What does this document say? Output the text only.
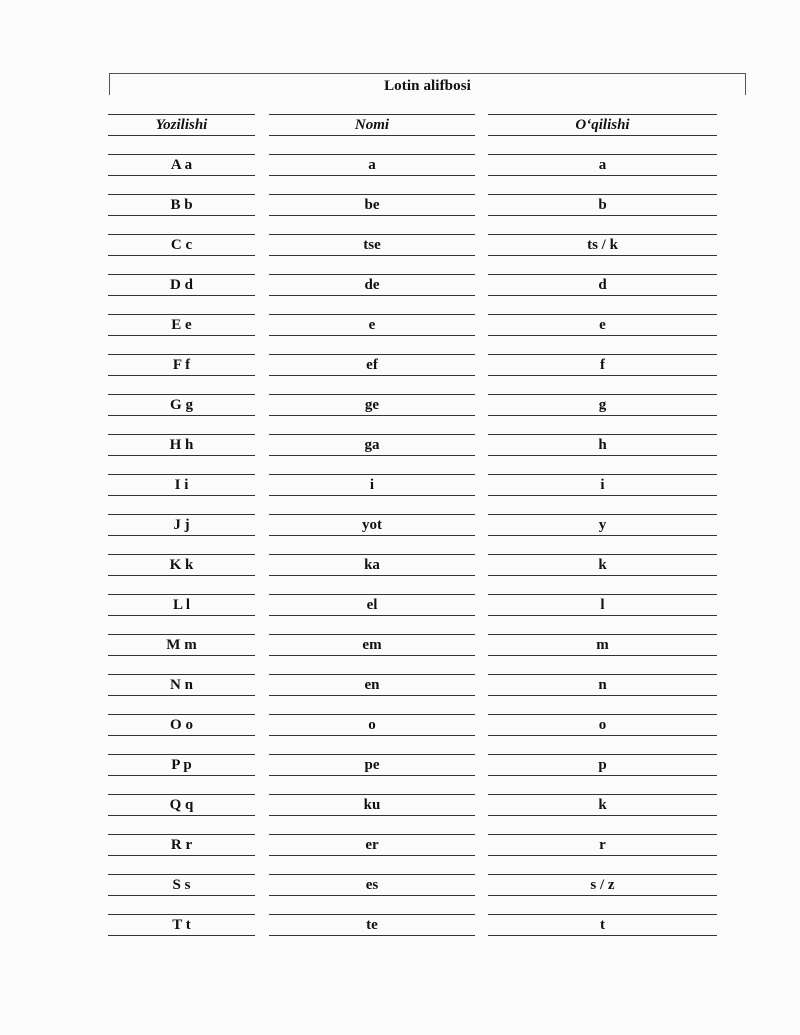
Lotin alifbosi
Yozilishi
A a
B b
C c
D d
E e
F f
G g
H h
I i
J j
K k
L l
M m
N n
O o
P p
Q q
R r
S s
T t
Nomi
a
be
tse
de
e
ef
ge
ga
i
yot
ka
el
em
en
o
pe
ku
er
es
te
O‘qilishi
a
b
ts / k
d
e
f
g
h
i
y
k
l
m
n
o
p
k
r
s / z
t
